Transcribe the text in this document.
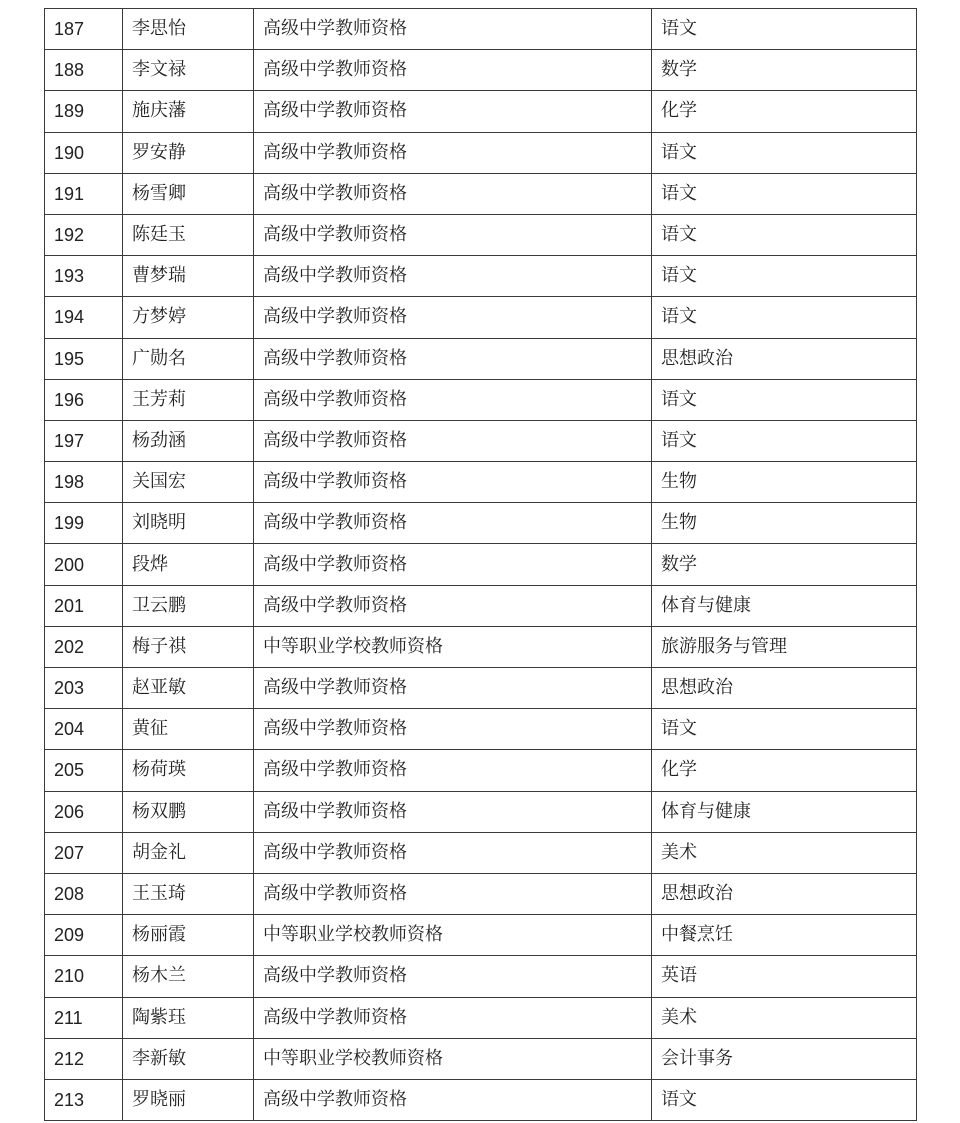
187	李思怡	高级中学教师资格	语文
188	李文禄	高级中学教师资格	数学
189	施庆藩	高级中学教师资格	化学
190	罗安静	高级中学教师资格	语文
191	杨雪卿	高级中学教师资格	语文
192	陈廷玉	高级中学教师资格	语文
193	曹梦瑞	高级中学教师资格	语文
194	方梦婷	高级中学教师资格	语文
195	广勋名	高级中学教师资格	思想政治
196	王芳莉	高级中学教师资格	语文
197	杨劲涵	高级中学教师资格	语文
198	关国宏	高级中学教师资格	生物
199	刘晓明	高级中学教师资格	生物
200	段烨	高级中学教师资格	数学
201	卫云鹏	高级中学教师资格	体育与健康
202	梅子祺	中等职业学校教师资格	旅游服务与管理
203	赵亚敏	高级中学教师资格	思想政治
204	黄征	高级中学教师资格	语文
205	杨荷瑛	高级中学教师资格	化学
206	杨双鹏	高级中学教师资格	体育与健康
207	胡金礼	高级中学教师资格	美术
208	王玉琦	高级中学教师资格	思想政治
209	杨丽霞	中等职业学校教师资格	中餐烹饪
210	杨木兰	高级中学教师资格	英语
211	陶紫珏	高级中学教师资格	美术
212	李新敏	中等职业学校教师资格	会计事务
213	罗晓丽	高级中学教师资格	语文
